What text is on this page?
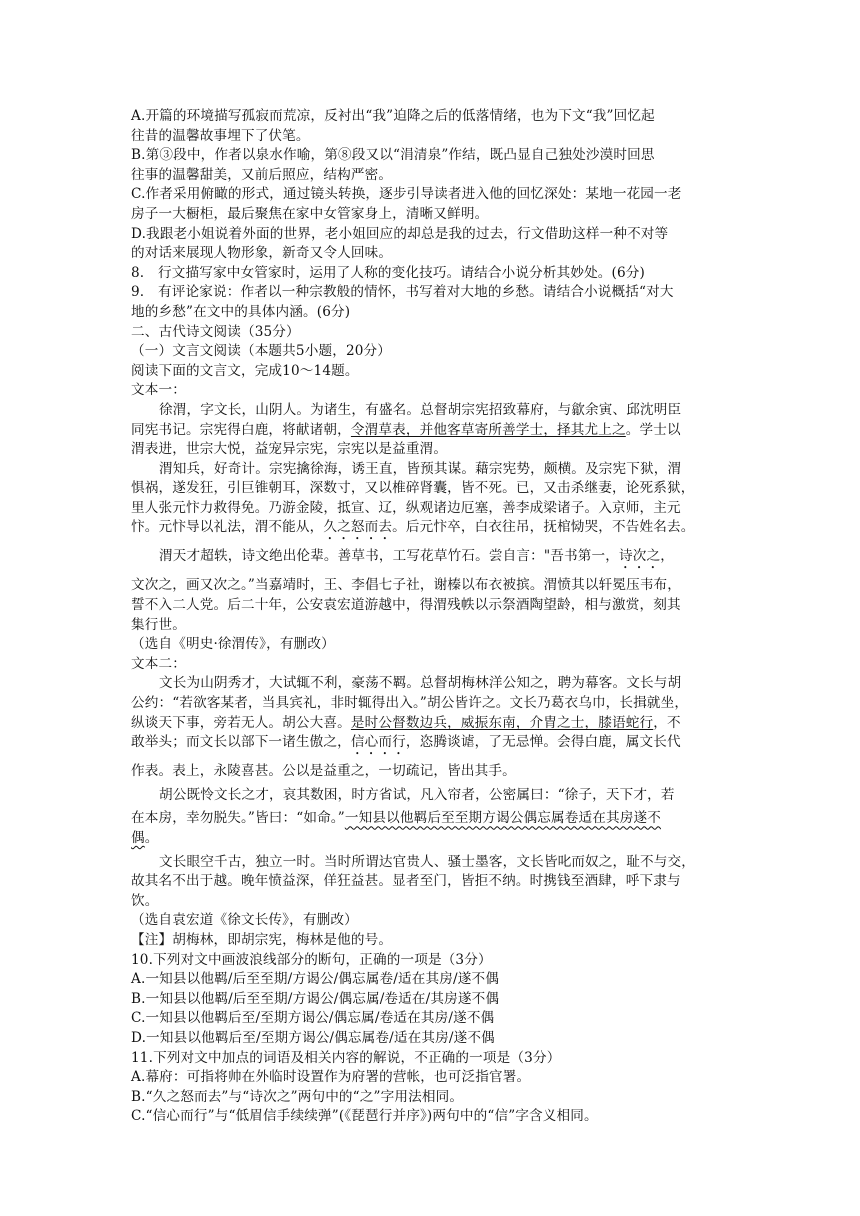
A.开篇的环境描写孤寂而荒凉，反衬出“我”迫降之后的低落情绪，也为下文“我”回忆起
往昔的温馨故事埋下了伏笔。
B.第③段中，作者以泉水作喻，第⑧段又以“涓清泉”作结，既凸显自己独处沙漠时回思
往事的温馨甜美，又前后照应，结构严密。
C.作者采用俯瞰的形式，通过镜头转换，逐步引导读者进入他的回忆深处：某地一花园一老
房子一大橱柜，最后聚焦在家中女管家身上，清晰又鲜明。
D.我跟老小姐说着外面的世界，老小姐回应的却总是我的过去，行文借助这样一种不对等
的对话来展现人物形象，新奇又令人回味。
8.　行文描写家中女管家时，运用了人称的变化技巧。请结合小说分析其妙处。(6分)
9.　有评论家说：作者以一种宗教般的情怀，书写着对大地的乡愁。请结合小说概括“对大
地的乡愁”在文中的具体内涵。(6分)
二、古代诗文阅读（35分）
（一）文言文阅读（本题共5小题，20分）
阅读下面的文言文，完成10～14题。
文本一：
徐渭，字文长，山阴人。为诸生，有盛名。总督胡宗宪招致幕府，与歙余寅、邱沈明臣
同宪书记。宗宪得白鹿，将献诸朝，令渭草表，并他客草寄所善学士，择其尤上之。学士以
渭表进，世宗大悦，益宠异宗宪，宗宪以是益重渭。
渭知兵，好奇计。宗宪擒徐海，诱王直，皆预其谋。藉宗宪势，颇横。及宗宪下狱，渭
惧祸，遂发狂，引巨锥朝耳，深数寸，又以椎碎肾囊，皆不死。已，又击杀继妻，论死系狱，
里人张元忭力救得免。乃游金陵，抵宣、辽，纵观诸边厄塞，善李成梁诸子。入京师，主元
忭。元忭导以礼法，渭不能从，久之怒而去。后元忭卒，白衣往吊，抚棺恸哭，不告姓名去。
渭天才超轶，诗文绝出伦辈。善草书，工写花草竹石。尝自言："吾书第一，诗次之，
文次之，画又次之。”当嘉靖时，王、李倡七子社，谢榛以布衣被摈。渭愤其以轩冕压韦布，
誓不入二人党。后二十年，公安袁宏道游越中，得渭残帙以示祭酒陶望龄，相与激赏，刻其
集行世。
（选自《明史·徐渭传》，有删改）
文本二：
文长为山阴秀才，大试辄不利，豪荡不羁。总督胡梅林洋公知之，聘为幕客。文长与胡
公约：“若欲客某者，当具宾礼，非时辄得出入。”胡公皆许之。文长乃葛衣乌巾，长揖就坐，
纵谈天下事，旁若无人。胡公大喜。是时公督数边兵，威振东南，介胄之士，膝语蛇行，不
敢举头；而文长以部下一诸生傲之，信心而行，恣腾谈谑，了无忌惮。会得白鹿，属文长代
作表。表上，永陵喜甚。公以是益重之，一切疏记，皆出其手。
胡公既怜文长之才，哀其数困，时方省试，凡入帘者，公密属曰：“徐子，天下才，若
在本房，幸勿脱失。”皆曰：“如命。”一知县以他羁后至至期方谒公偶忘属卷适在其房遂不
偶。
文长眼空千古，独立一时。当时所谓达官贵人、骚士墨客，文长皆叱而奴之，耻不与交，
故其名不出于越。晚年愤益深，佯狂益甚。显者至门，皆拒不纳。时携钱至酒肆，呼下隶与
饮。
（选自袁宏道《徐文长传》，有删改）
【注】胡梅林，即胡宗宪，梅林是他的号。
10.下列对文中画波浪线部分的断句，正确的一项是（3分）
A.一知县以他羁/后至至期/方谒公/偶忘属卷/适在其房/遂不偶
B.一知县以他羁/后至至期/方谒公/偶忘属/卷适在/其房遂不偶
C.一知县以他羁后至/至期方谒公/偶忘属/卷适在其房/遂不偶
D.一知县以他羁后至/至期方谒公/偶忘属卷/适在其房/遂不偶
11.下列对文中加点的词语及相关内容的解说，不正确的一项是（3分）
A.幕府：可指将帅在外临时设置作为府署的营帐，也可泛指官署。
B.“久之怒而去”与“诗次之”两句中的“之”字用法相同。
C.“信心而行”与“低眉信手续续弹”(《琵琶行并序》)两句中的“信”字含义相同。
